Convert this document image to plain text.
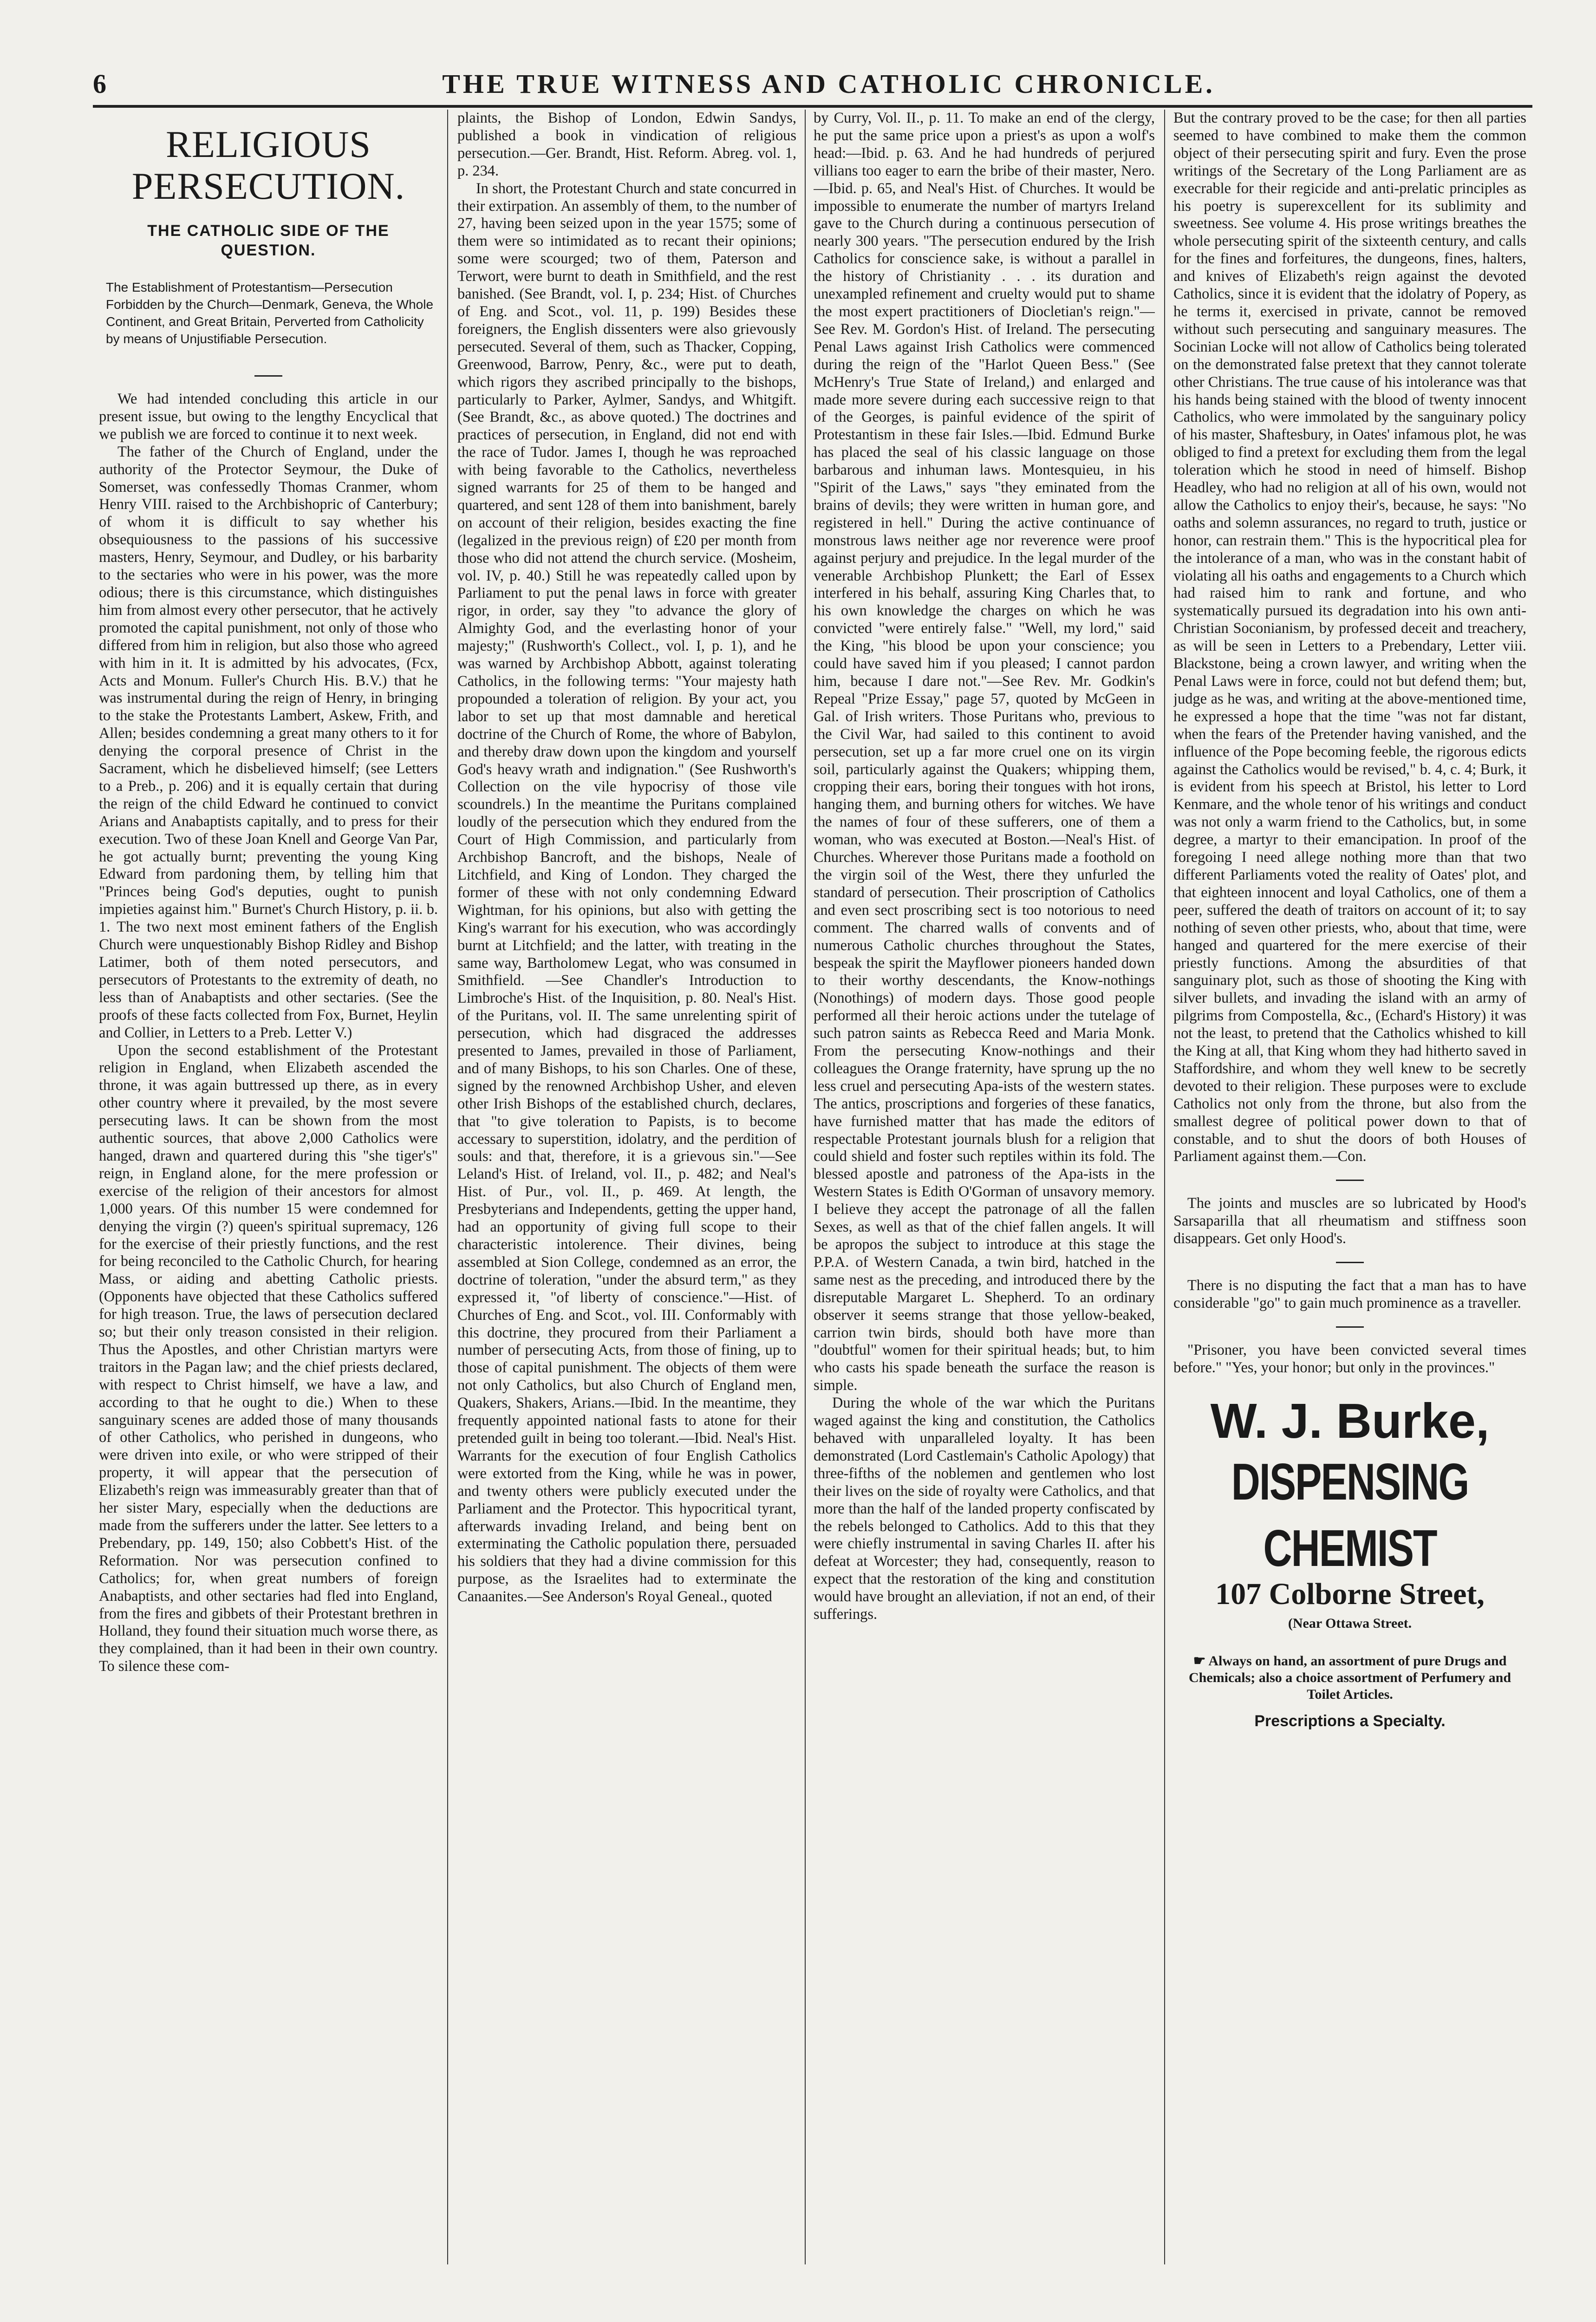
6	THE TRUE WITNESS AND CATHOLIC CHRONICLE.
RELIGIOUS PERSECUTION.
THE CATHOLIC SIDE OF THE QUESTION.
The Establishment of Protestantism—Persecution Forbidden by the Church—Denmark, Geneva, the Whole Continent, and Great Britain, Perverted from Catholicity by means of Unjustifiable Persecution.

We had intended concluding this article in our present issue, but owing to the lengthy Encyclical that we publish we are forced to continue it to next week.

The father of the Church of England, under the authority of the Protector Seymour, the Duke of Somerset, was confessedly Thomas Cranmer, whom Henry VIII. raised to the Archbishopric of Canterbury; of whom it is difficult to say whether his obsequiousness to the passions of his successive masters, Henry, Seymour, and Dudley, or his barbarity to the sectaries who were in his power, was the more odious; there is this circumstance, which distinguishes him from almost every other persecutor, that he actively promoted the capital punishment, not only of those who differed from him in religion, but also those who agreed with him in it. It is admitted by his advocates, (Fcx, Acts and Monum. Fuller's Church His. B.V.) that he was instrumental during the reign of Henry, in bringing to the stake the Protestants Lambert, Askew, Frith, and Allen; besides condemning a great many others to it for denying the corporal presence of Christ in the Sacrament, which he disbelieved himself; (see Letters to a Preb., p. 206) and it is equally certain that during the reign of the child Edward he continued to convict Arians and Anabaptists capitally, and to press for their execution. Two of these Joan Knell and George Van Par, he got actually burnt; preventing the young King Edward from pardoning them, by telling him that "Princes being God's deputies, ought to punish impieties against him." Burnet's Church History, p. ii. b. 1. The two next most eminent fathers of the English Church were unquestionably Bishop Ridley and Bishop Latimer, both of them noted persecutors, and persecutors of Protestants to the extremity of death, no less than of Anabaptists and other sectaries. (See the proofs of these facts collected from Fox, Burnet, Heylin and Collier, in Letters to a Preb. Letter V.)

Upon the second establishment of the Protestant religion in England, when Elizabeth ascended the throne, it was again buttressed up there, as in every other country where it prevailed, by the most severe persecuting laws. It can be shown from the most authentic sources, that above 2,000 Catholics were hanged, drawn and quartered during this "she tiger's" reign, in England alone, for the mere profession or exercise of the religion of their ancestors for almost 1,000 years. Of this number 15 were condemned for denying the virgin (?) queen's spiritual supremacy, 126 for the exercise of their priestly functions, and the rest for being reconciled to the Catholic Church, for hearing Mass, or aiding and abetting Catholic priests. (Opponents have objected that these Catholics suffered for high treason. True, the laws of persecution declared so; but their only treason consisted in their religion. Thus the Apostles, and other Christian martyrs were traitors in the Pagan law; and the chief priests declared, with respect to Christ himself, we have a law, and according to that he ought to die.) When to these sanguinary scenes are added those of many thousands of other Catholics, who perished in dungeons, who were driven into exile, or who were stripped of their property, it will appear that the persecution of Elizabeth's reign was immeasurably greater than that of her sister Mary, especially when the deductions are made from the sufferers under the latter. See letters to a Prebendary, pp. 149, 150; also Cobbett's Hist. of the Reformation. Nor was persecution confined to Catholics; for, when great numbers of foreign Anabaptists, and other sectaries had fled into England, from the fires and gibbets of their Protestant brethren in Holland, they found their situation much worse there, as they complained, than it had been in their own country. To silence these com-

plaints, the Bishop of London, Edwin Sandys, published a book in vindication of religious persecution.—Ger. Brandt, Hist. Reform. Abreg. vol. 1, p. 234.

In short, the Protestant Church and state concurred in their extirpation. An assembly of them, to the number of 27, having been seized upon in the year 1575; some of them were so intimidated as to recant their opinions; some were scourged; two of them, Paterson and Terwort, were burnt to death in Smithfield, and the rest banished. (See Brandt, vol. I, p. 234; Hist. of Churches of Eng. and Scot., vol. 11, p. 199) Besides these foreigners, the English dissenters were also grievously persecuted. Several of them, such as Thacker, Copping, Greenwood, Barrow, Penry, &c., were put to death, which rigors they ascribed principally to the bishops, particularly to Parker, Aylmer, Sandys, and Whitgift. (See Brandt, &c., as above quoted.) The doctrines and practices of persecution, in England, did not end with the race of Tudor. James I, though he was reproached with being favorable to the Catholics, nevertheless signed warrants for 25 of them to be hanged and quartered, and sent 128 of them into banishment, barely on account of their religion, besides exacting the fine (legalized in the previous reign) of £20 per month from those who did not attend the church service. (Mosheim, vol. IV, p. 40.) Still he was repeatedly called upon by Parliament to put the penal laws in force with greater rigor, in order, say they "to advance the glory of Almighty God, and the everlasting honor of your majesty;" (Rushworth's Collect., vol. I, p. 1), and he was warned by Archbishop Abbott, against tolerating Catholics, in the following terms: "Your majesty hath propounded a toleration of religion. By your act, you labor to set up that most damnable and heretical doctrine of the Church of Rome, the whore of Babylon, and thereby draw down upon the kingdom and yourself God's heavy wrath and indignation." (See Rushworth's Collection on the vile hypocrisy of those vile scoundrels.) In the meantime the Puritans complained loudly of the persecution which they endured from the Court of High Commission, and particularly from Archbishop Bancroft, and the bishops, Neale of Litchfield, and King of London. They charged the former of these with not only condemning Edward Wightman, for his opinions, but also with getting the King's warrant for his execution, who was accordingly burnt at Litchfield; and the latter, with treating in the same way, Bartholomew Legat, who was consumed in Smithfield. —See Chandler's Introduction to Limbroche's Hist. of the Inquisition, p. 80. Neal's Hist. of the Puritans, vol. II. The same unrelenting spirit of persecution, which had disgraced the addresses presented to James, prevailed in those of Parliament, and of many Bishops, to his son Charles. One of these, signed by the renowned Archbishop Usher, and eleven other Irish Bishops of the established church, declares, that "to give toleration to Papists, is to become accessary to superstition, idolatry, and the perdition of souls: and that, therefore, it is a grievous sin."—See Leland's Hist. of Ireland, vol. II., p. 482; and Neal's Hist. of Pur., vol. II., p. 469. At length, the Presbyterians and Independents, getting the upper hand, had an opportunity of giving full scope to their characteristic intolerence. Their divines, being assembled at Sion College, condemned as an error, the doctrine of toleration, "under the absurd term," as they expressed it, "of liberty of conscience."—Hist. of Churches of Eng. and Scot., vol. III. Conformably with this doctrine, they procured from their Parliament a number of persecuting Acts, from those of fining, up to those of capital punishment. The objects of them were not only Catholics, but also Church of England men, Quakers, Shakers, Arians.—Ibid. In the meantime, they frequently appointed national fasts to atone for their pretended guilt in being too tolerant.—Ibid. Neal's Hist. Warrants for the execution of four English Catholics were extorted from the King, while he was in power, and twenty others were publicly executed under the Parliament and the Protector. This hypocritical tyrant, afterwards invading Ireland, and being bent on exterminating the Catholic population there, persuaded his soldiers that they had a divine commission for this purpose, as the Israelites had to exterminate the Canaanites.—See Anderson's Royal Geneal., quoted

by Curry, Vol. II., p. 11. To make an end of the clergy, he put the same price upon a priest's as upon a wolf's head:—Ibid. p. 63. And he had hundreds of perjured villians too eager to earn the bribe of their master, Nero.—Ibid. p. 65, and Neal's Hist. of Churches. It would be impossible to enumerate the number of martyrs Ireland gave to the Church during a continuous persecution of nearly 300 years. "The persecution endured by the Irish Catholics for conscience sake, is without a parallel in the history of Christianity . . . its duration and unexampled refinement and cruelty would put to shame the most expert practitioners of Diocletian's reign."—See Rev. M. Gordon's Hist. of Ireland. The persecuting Penal Laws against Irish Catholics were commenced during the reign of the "Harlot Queen Bess." (See McHenry's True State of Ireland,) and enlarged and made more severe during each successive reign to that of the Georges, is painful evidence of the spirit of Protestantism in these fair Isles.—Ibid. Edmund Burke has placed the seal of his classic language on those barbarous and inhuman laws. Montesquieu, in his "Spirit of the Laws," says "they eminated from the brains of devils; they were written in human gore, and registered in hell." During the active continuance of monstrous laws neither age nor reverence were proof against perjury and prejudice. In the legal murder of the venerable Archbishop Plunkett; the Earl of Essex interfered in his behalf, assuring King Charles that, to his own knowledge the charges on which he was convicted "were entirely false." "Well, my lord," said the King, "his blood be upon your conscience; you could have saved him if you pleased; I cannot pardon him, because I dare not."—See Rev. Mr. Godkin's Repeal "Prize Essay," page 57, quoted by McGeen in Gal. of Irish writers. Those Puritans who, previous to the Civil War, had sailed to this continent to avoid persecution, set up a far more cruel one on its virgin soil, particularly against the Quakers; whipping them, cropping their ears, boring their tongues with hot irons, hanging them, and burning others for witches. We have the names of four of these sufferers, one of them a woman, who was executed at Boston.—Neal's Hist. of Churches. Wherever those Puritans made a foothold on the virgin soil of the West, there they unfurled the standard of persecution. Their proscription of Catholics and even sect proscribing sect is too notorious to need comment. The charred walls of convents and of numerous Catholic churches throughout the States, bespeak the spirit the Mayflower pioneers handed down to their worthy descendants, the Know-nothings (Nonothings) of modern days. Those good people performed all their heroic actions under the tutelage of such patron saints as Rebecca Reed and Maria Monk. From the persecuting Know-nothings and their colleagues the Orange fraternity, have sprung up the no less cruel and persecuting Apa-ists of the western states. The antics, proscriptions and forgeries of these fanatics, have furnished matter that has made the editors of respectable Protestant journals blush for a religion that could shield and foster such reptiles within its fold. The blessed apostle and patroness of the Apa-ists in the Western States is Edith O'Gorman of unsavory memory. I believe they accept the patronage of all the fallen Sexes, as well as that of the chief fallen angels. It will be apropos the subject to introduce at this stage the P.P.A. of Western Canada, a twin bird, hatched in the same nest as the preceding, and introduced there by the disreputable Margaret L. Shepherd. To an ordinary observer it seems strange that those yellow-beaked, carrion twin birds, should both have more than "doubtful" women for their spiritual heads; but, to him who casts his spade beneath the surface the reason is simple.

During the whole of the war which the Puritans waged against the king and constitution, the Catholics behaved with unparalleled loyalty. It has been demonstrated (Lord Castlemain's Catholic Apology) that three-fifths of the noblemen and gentlemen who lost their lives on the side of royalty were Catholics, and that more than the half of the landed property confiscated by the rebels belonged to Catholics. Add to this that they were chiefly instrumental in saving Charles II. after his defeat at Worcester; they had, consequently, reason to expect that the restoration of the king and constitution would have brought an alleviation, if not an end, of their sufferings.

But the contrary proved to be the case; for then all parties seemed to have combined to make them the common object of their persecuting spirit and fury. Even the prose writings of the Secretary of the Long Parliament are as execrable for their regicide and anti-prelatic principles as his poetry is superexcellent for its sublimity and sweetness. See volume 4. His prose writings breathes the whole persecuting spirit of the sixteenth century, and calls for the fines and forfeitures, the dungeons, fines, halters, and knives of Elizabeth's reign against the devoted Catholics, since it is evident that the idolatry of Popery, as he terms it, exercised in private, cannot be removed without such persecuting and sanguinary measures. The Socinian Locke will not allow of Catholics being tolerated on the demonstrated false pretext that they cannot tolerate other Christians. The true cause of his intolerance was that his hands being stained with the blood of twenty innocent Catholics, who were immolated by the sanguinary policy of his master, Shaftesbury, in Oates' infamous plot, he was obliged to find a pretext for excluding them from the legal toleration which he stood in need of himself. Bishop Headley, who had no religion at all of his own, would not allow the Catholics to enjoy their's, because, he says: "No oaths and solemn assurances, no regard to truth, justice or honor, can restrain them." This is the hypocritical plea for the intolerance of a man, who was in the constant habit of violating all his oaths and engagements to a Church which had raised him to rank and fortune, and who systematically pursued its degradation into his own anti-Christian Soconianism, by professed deceit and treachery, as will be seen in Letters to a Prebendary, Letter viii. Blackstone, being a crown lawyer, and writing when the Penal Laws were in force, could not but defend them; but, judge as he was, and writing at the above-mentioned time, he expressed a hope that the time "was not far distant, when the fears of the Pretender having vanished, and the influence of the Pope becoming feeble, the rigorous edicts against the Catholics would be revised," b. 4, c. 4; Burk, it is evident from his speech at Bristol, his letter to Lord Kenmare, and the whole tenor of his writings and conduct was not only a warm friend to the Catholics, but, in some degree, a martyr to their emancipation. In proof of the foregoing I need allege nothing more than that two different Parliaments voted the reality of Oates' plot, and that eighteen innocent and loyal Catholics, one of them a peer, suffered the death of traitors on account of it; to say nothing of seven other priests, who, about that time, were hanged and quartered for the mere exercise of their priestly functions. Among the absurdities of that sanguinary plot, such as those of shooting the King with silver bullets, and invading the island with an army of pilgrims from Compostella, &c., (Echard's History) it was not the least, to pretend that the Catholics whished to kill the King at all, that King whom they had hitherto saved in Staffordshire, and whom they well knew to be secretly devoted to their religion. These purposes were to exclude Catholics not only from the throne, but also from the smallest degree of political power down to that of constable, and to shut the doors of both Houses of Parliament against them.—Con.

The joints and muscles are so lubricated by Hood's Sarsaparilla that all rheumatism and stiffness soon disappears. Get only Hood's.

There is no disputing the fact that a man has to have considerable "go" to gain much prominence as a traveller.

"Prisoner, you have been convicted several times before." "Yes, your honor; but only in the provinces."

W. J. Burke,
DISPENSING CHEMIST
107 Colborne Street,
(Near Ottawa Street.
☛ Always on hand, an assortment of pure Drugs and Chemicals; also a choice assortment of Perfumery and Toilet Articles.
Prescriptions a Specialty.
